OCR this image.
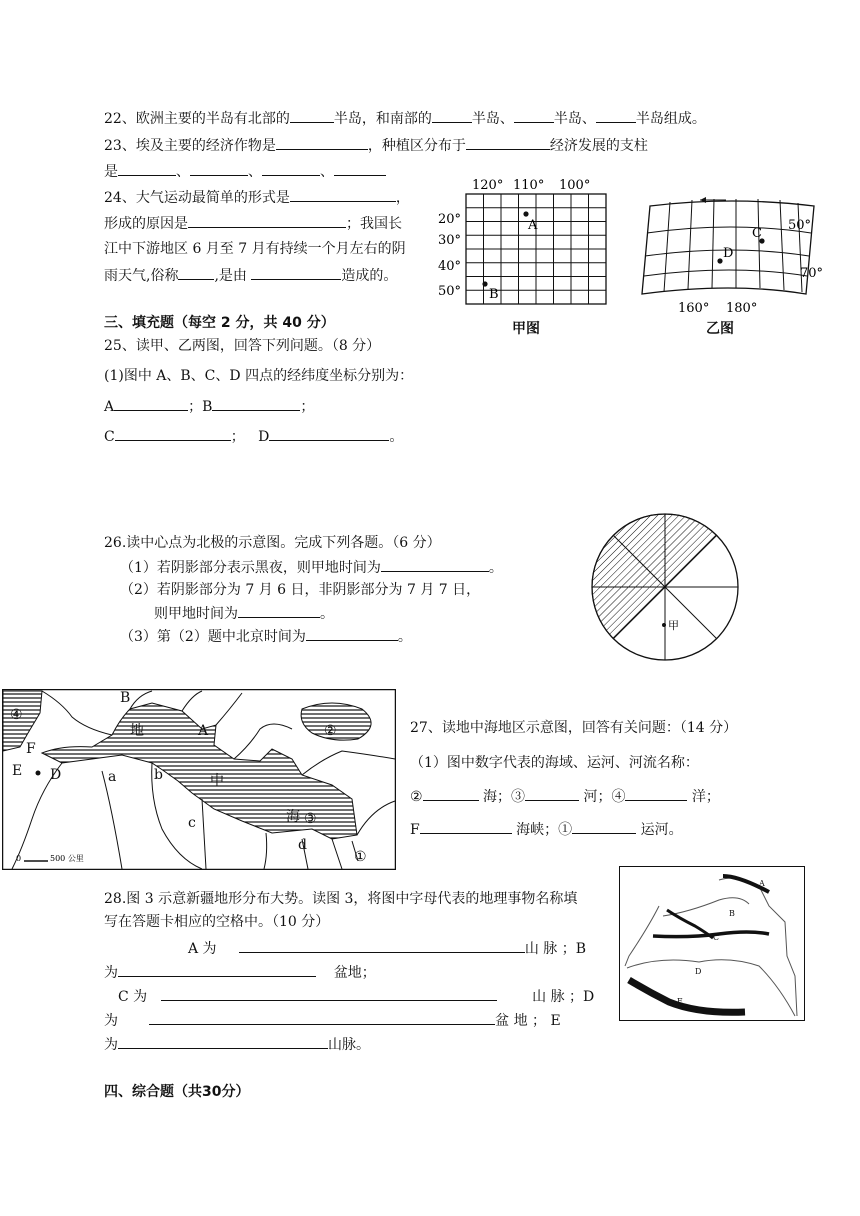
22、欧洲主要的半岛有北部的	半岛，和南部的	半岛、	半岛、	半岛组成。
23、埃及主要的经济作物是	，种植区分布于	经济发展的支柱
是	、	、	、
24、大气运动最简单的形式是	，
形成的原因是	；我国长
江中下游地区 6 月至 7 月有持续一个月左右的阴
雨天气,俗称	,是由	造成的。
120° 110° 100°
20°
30°
40°
50°
A
B
甲图
C
D
50°
70°
160° 180°
乙图
三、填充题（每空 2 分，共 40 分）
25、读甲、乙两图，回答下列问题。（8 分）
(1)图中 A、B、C、D 四点的经纬度坐标分别为：
A	；B	；
C	； D	。
26.读中心点为北极的示意图。完成下列各题。（6 分）
（1）若阴影部分表示黑夜，则甲地时间为	。
（2）若阴影部分为 7 月 6 日，非阴影部分为 7 月 7 日，
则甲地时间为	。
（3）第（2）题中北京时间为	。
甲
④
B
地	②
A
F
E D	a	b	中
c	海 ③
d
①
0	500 公里
27、读地中海地区示意图，回答有关问题：（14 分）
（1）图中数字代表的海域、运河、河流名称：
②	海；③	河；④	洋；
F	海峡；①	运河。
A
B
C
D
E
28.图 3 示意新疆地形分布大势。读图 3，将图中字母代表的地理事物名称填
写在答题卡相应的空格中。（10 分）
A 为	山 脉 ；B
为	盆地；
C 为	山 脉 ；D
为	盆 地 ； E
为	山脉。
四、综合题（共30分）
